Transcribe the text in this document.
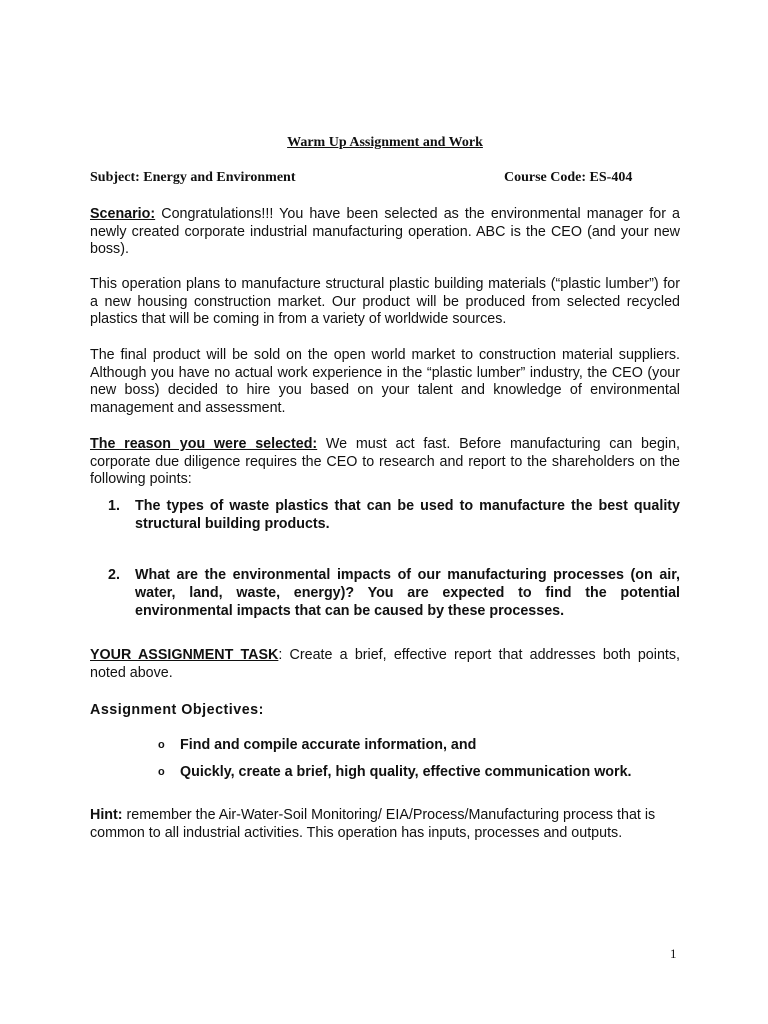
Warm Up Assignment and Work
Subject: Energy and Environment	Course Code: ES-404

Scenario: Congratulations!!! You have been selected as the environmental manager for a newly created corporate industrial manufacturing operation. ABC is the CEO (and your new boss).

This operation plans to manufacture structural plastic building materials (“plastic lumber”) for a new housing construction market. Our product will be produced from selected recycled plastics that will be coming in from a variety of worldwide sources.

The final product will be sold on the open world market to construction material suppliers. Although you have no actual work experience in the “plastic lumber” industry, the CEO (your new boss) decided to hire you based on your talent and knowledge of environmental management and assessment.

The reason you were selected: We must act fast. Before manufacturing can begin, corporate due diligence requires the CEO to research and report to the shareholders on the following points:

1. The types of waste plastics that can be used to manufacture the best quality structural building products.
2. What are the environmental impacts of our manufacturing processes (on air, water, land, waste, energy)? You are expected to find the potential environmental impacts that can be caused by these processes.

YOUR ASSIGNMENT TASK: Create a brief, effective report that addresses both points, noted above.

Assignment Objectives:
o Find and compile accurate information, and
o Quickly, create a brief, high quality, effective communication work.

Hint: remember the Air-Water-Soil Monitoring/ EIA/Process/Manufacturing process that is common to all industrial activities. This operation has inputs, processes and outputs.

1
